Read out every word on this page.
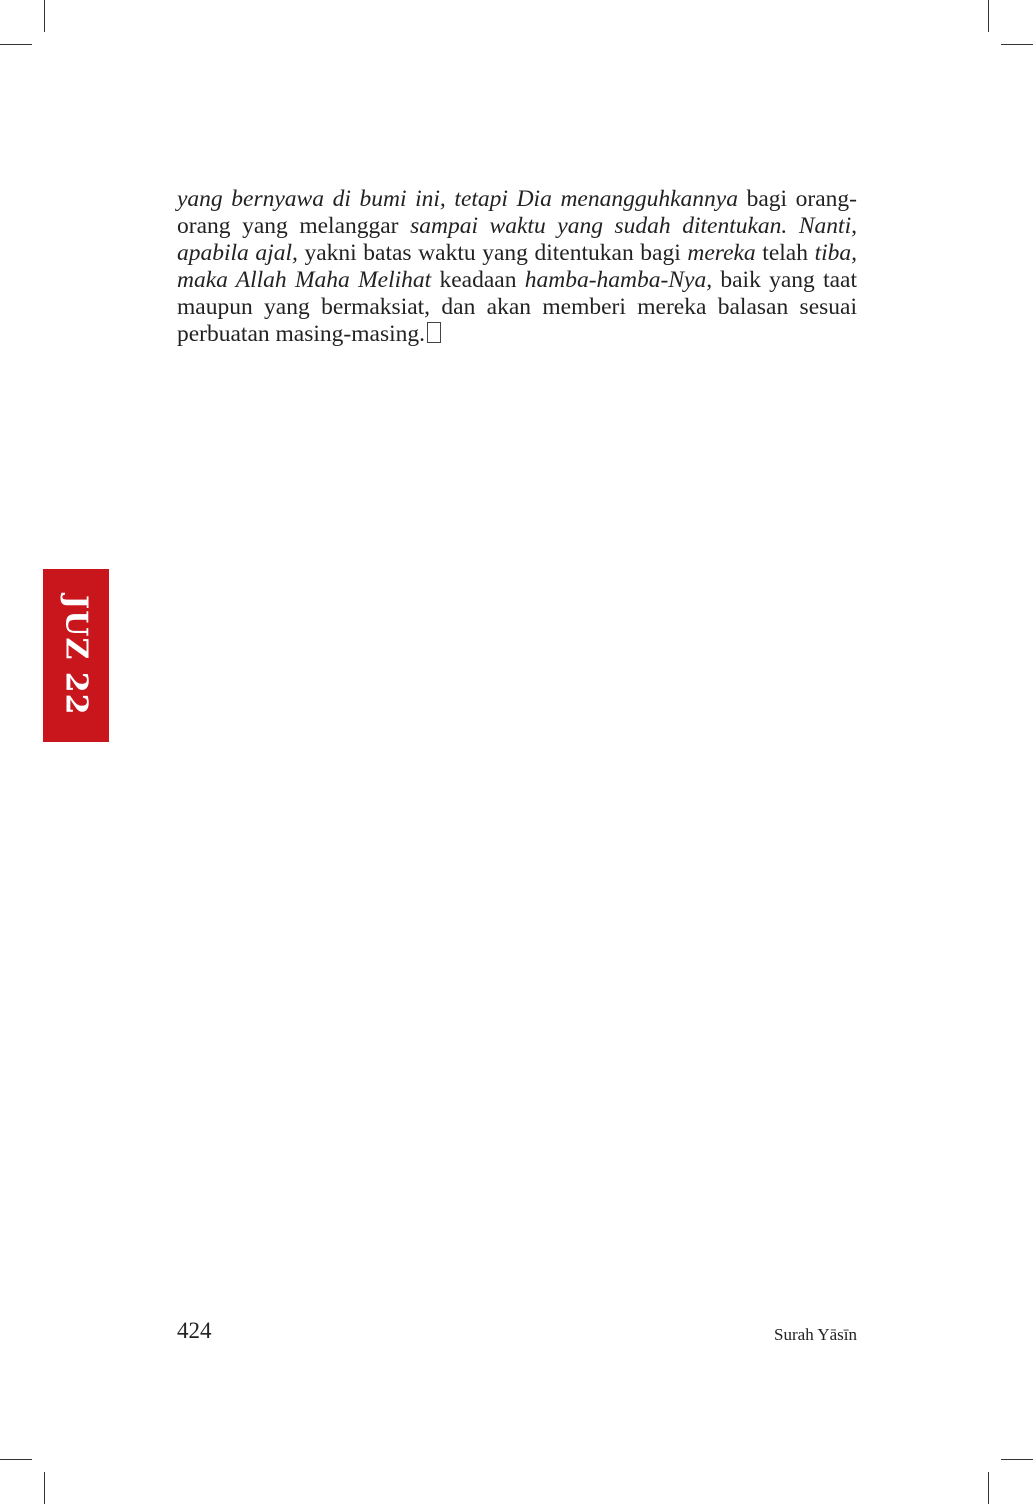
yang bernyawa di bumi ini, tetapi Dia menangguhkannya bagi orang-orang yang melanggar sampai waktu yang sudah ditentukan. Nanti, apabila ajal, yakni batas waktu yang ditentukan bagi mereka telah tiba, maka Allah Maha Melihat keadaan hamba-hamba-Nya, baik yang taat maupun yang bermaksiat, dan akan memberi mereka balasan sesuai perbuatan masing-masing.
JUZ 22
424	Surah Yāsīn
